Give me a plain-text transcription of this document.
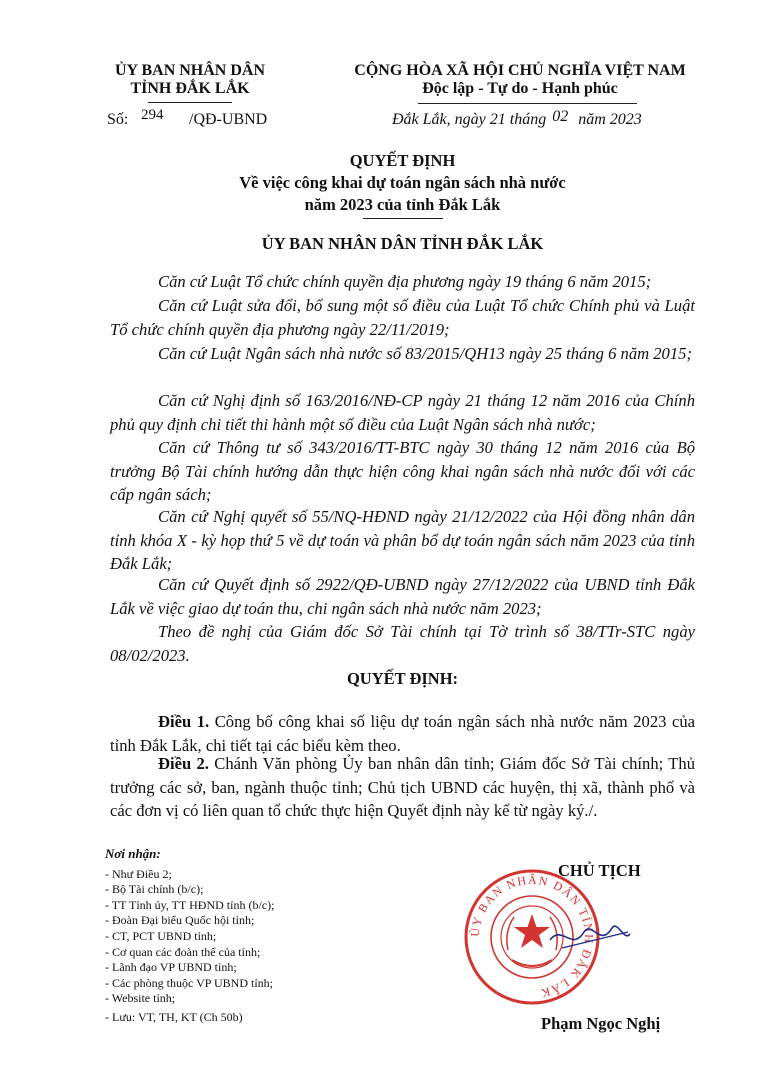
ỦY BAN NHÂN DÂN
TỈNH ĐẮK LẮK
CỘNG HÒA XÃ HỘI CHỦ NGHĨA VIỆT NAM
Độc lập - Tự do - Hạnh phúc
Số: 294 /QĐ-UBND	Đắk Lắk, ngày 21 tháng 02 năm 2023
QUYẾT ĐỊNH
Về việc công khai dự toán ngân sách nhà nước
năm 2023 của tỉnh Đắk Lắk
ỦY BAN NHÂN DÂN TỈNH ĐẮK LẮK
Căn cứ Luật Tổ chức chính quyền địa phương ngày 19 tháng 6 năm 2015;
Căn cứ Luật sửa đổi, bổ sung một số điều của Luật Tổ chức Chính phủ và Luật Tổ chức chính quyền địa phương ngày 22/11/2019;
Căn cứ Luật Ngân sách nhà nước số 83/2015/QH13 ngày 25 tháng 6 năm 2015;
Căn cứ Nghị định số 163/2016/NĐ-CP ngày 21 tháng 12 năm 2016 của Chính phủ quy định chi tiết thi hành một số điều của Luật Ngân sách nhà nước;
Căn cứ Thông tư số 343/2016/TT-BTC ngày 30 tháng 12 năm 2016 của Bộ trưởng Bộ Tài chính hướng dẫn thực hiện công khai ngân sách nhà nước đối với các cấp ngân sách;
Căn cứ Nghị quyết số 55/NQ-HĐND ngày 21/12/2022 của Hội đồng nhân dân tỉnh khóa X - kỳ họp thứ 5 về dự toán và phân bổ dự toán ngân sách năm 2023 của tỉnh Đắk Lắk;
Căn cứ Quyết định số 2922/QĐ-UBND ngày 27/12/2022 của UBND tỉnh Đắk Lắk về việc giao dự toán thu, chi ngân sách nhà nước năm 2023;
Theo đề nghị của Giám đốc Sở Tài chính tại Tờ trình số 38/TTr-STC ngày 08/02/2023.
QUYẾT ĐỊNH:
Điều 1. Công bố công khai số liệu dự toán ngân sách nhà nước năm 2023 của tỉnh Đắk Lắk, chi tiết tại các biểu kèm theo.
Điều 2. Chánh Văn phòng Ủy ban nhân dân tỉnh; Giám đốc Sở Tài chính; Thủ trưởng các sở, ban, ngành thuộc tỉnh; Chủ tịch UBND các huyện, thị xã, thành phố và các đơn vị có liên quan tổ chức thực hiện Quyết định này kể từ ngày ký./.
Nơi nhận:
- Như Điều 2;
- Bộ Tài chính (b/c);
- TT Tỉnh ủy, TT HĐND tỉnh (b/c);
- Đoàn Đại biểu Quốc hội tỉnh;
- CT, PCT UBND tỉnh;
- Cơ quan các đoàn thể của tỉnh;
- Lãnh đạo VP UBND tỉnh;
- Các phòng thuộc VP UBND tỉnh;
- Website tỉnh;
- Lưu: VT, TH, KT (Ch 50b)
CHỦ TỊCH
ỦY BAN NHÂN DÂN TỈNH ĐẮK LẮK
Phạm Ngọc Nghị
